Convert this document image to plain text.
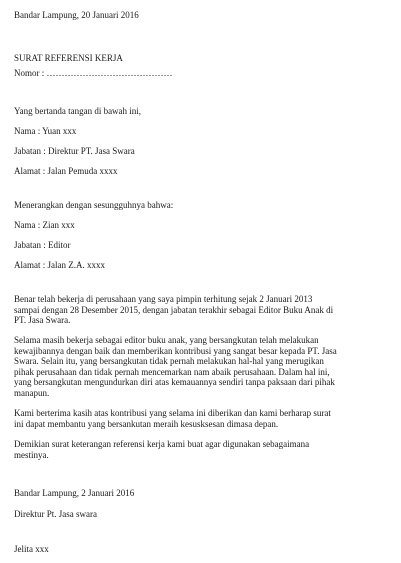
Bandar Lampung, 20 Januari 2016
SURAT REFERENSI KERJA
Nomor : ……………………………………
Yang bertanda tangan di bawah ini,
Nama : Yuan xxx
Jabatan : Direktur PT. Jasa Swara
Alamat : Jalan Pemuda xxxx
Menerangkan dengan sesungguhnya bahwa:
Nama : Zian xxx
Jabatan : Editor
Alamat : Jalan Z.A. xxxx
Benar telah bekerja di perusahaan yang saya pimpin terhitung sejak 2 Januari 2013
sampai dengan 28 Desember 2015, dengan jabatan terakhir sebagai Editor Buku Anak di
PT. Jasa Swara.
Selama masih bekerja sebagai editor buku anak, yang bersangkutan telah melakukan
kewajibannya dengan baik dan memberikan kontribusi yang sangat besar kepada PT. Jasa
Swara. Selain itu, yang bersangkutan tidak pernah melakukan hal-hal yang merugikan
pihak perusahaan dan tidak pernah mencemarkan nam abaik perusahaan. Dalam hal ini,
yang bersangkutan mengundurkan diri atas kemauannya sendiri tanpa paksaan dari pihak
manapun.
Kami berterima kasih atas kontribusi yang selama ini diberikan dan kami berharap surat
ini dapat membantu yang bersankutan meraih kesusksesan dimasa depan.
Demikian surat keterangan referensi kerja kami buat agar digunakan sebagaimana
mestinya.
Bandar Lampung, 2 Januari 2016
Direktur Pt. Jasa swara
Jelita xxx
